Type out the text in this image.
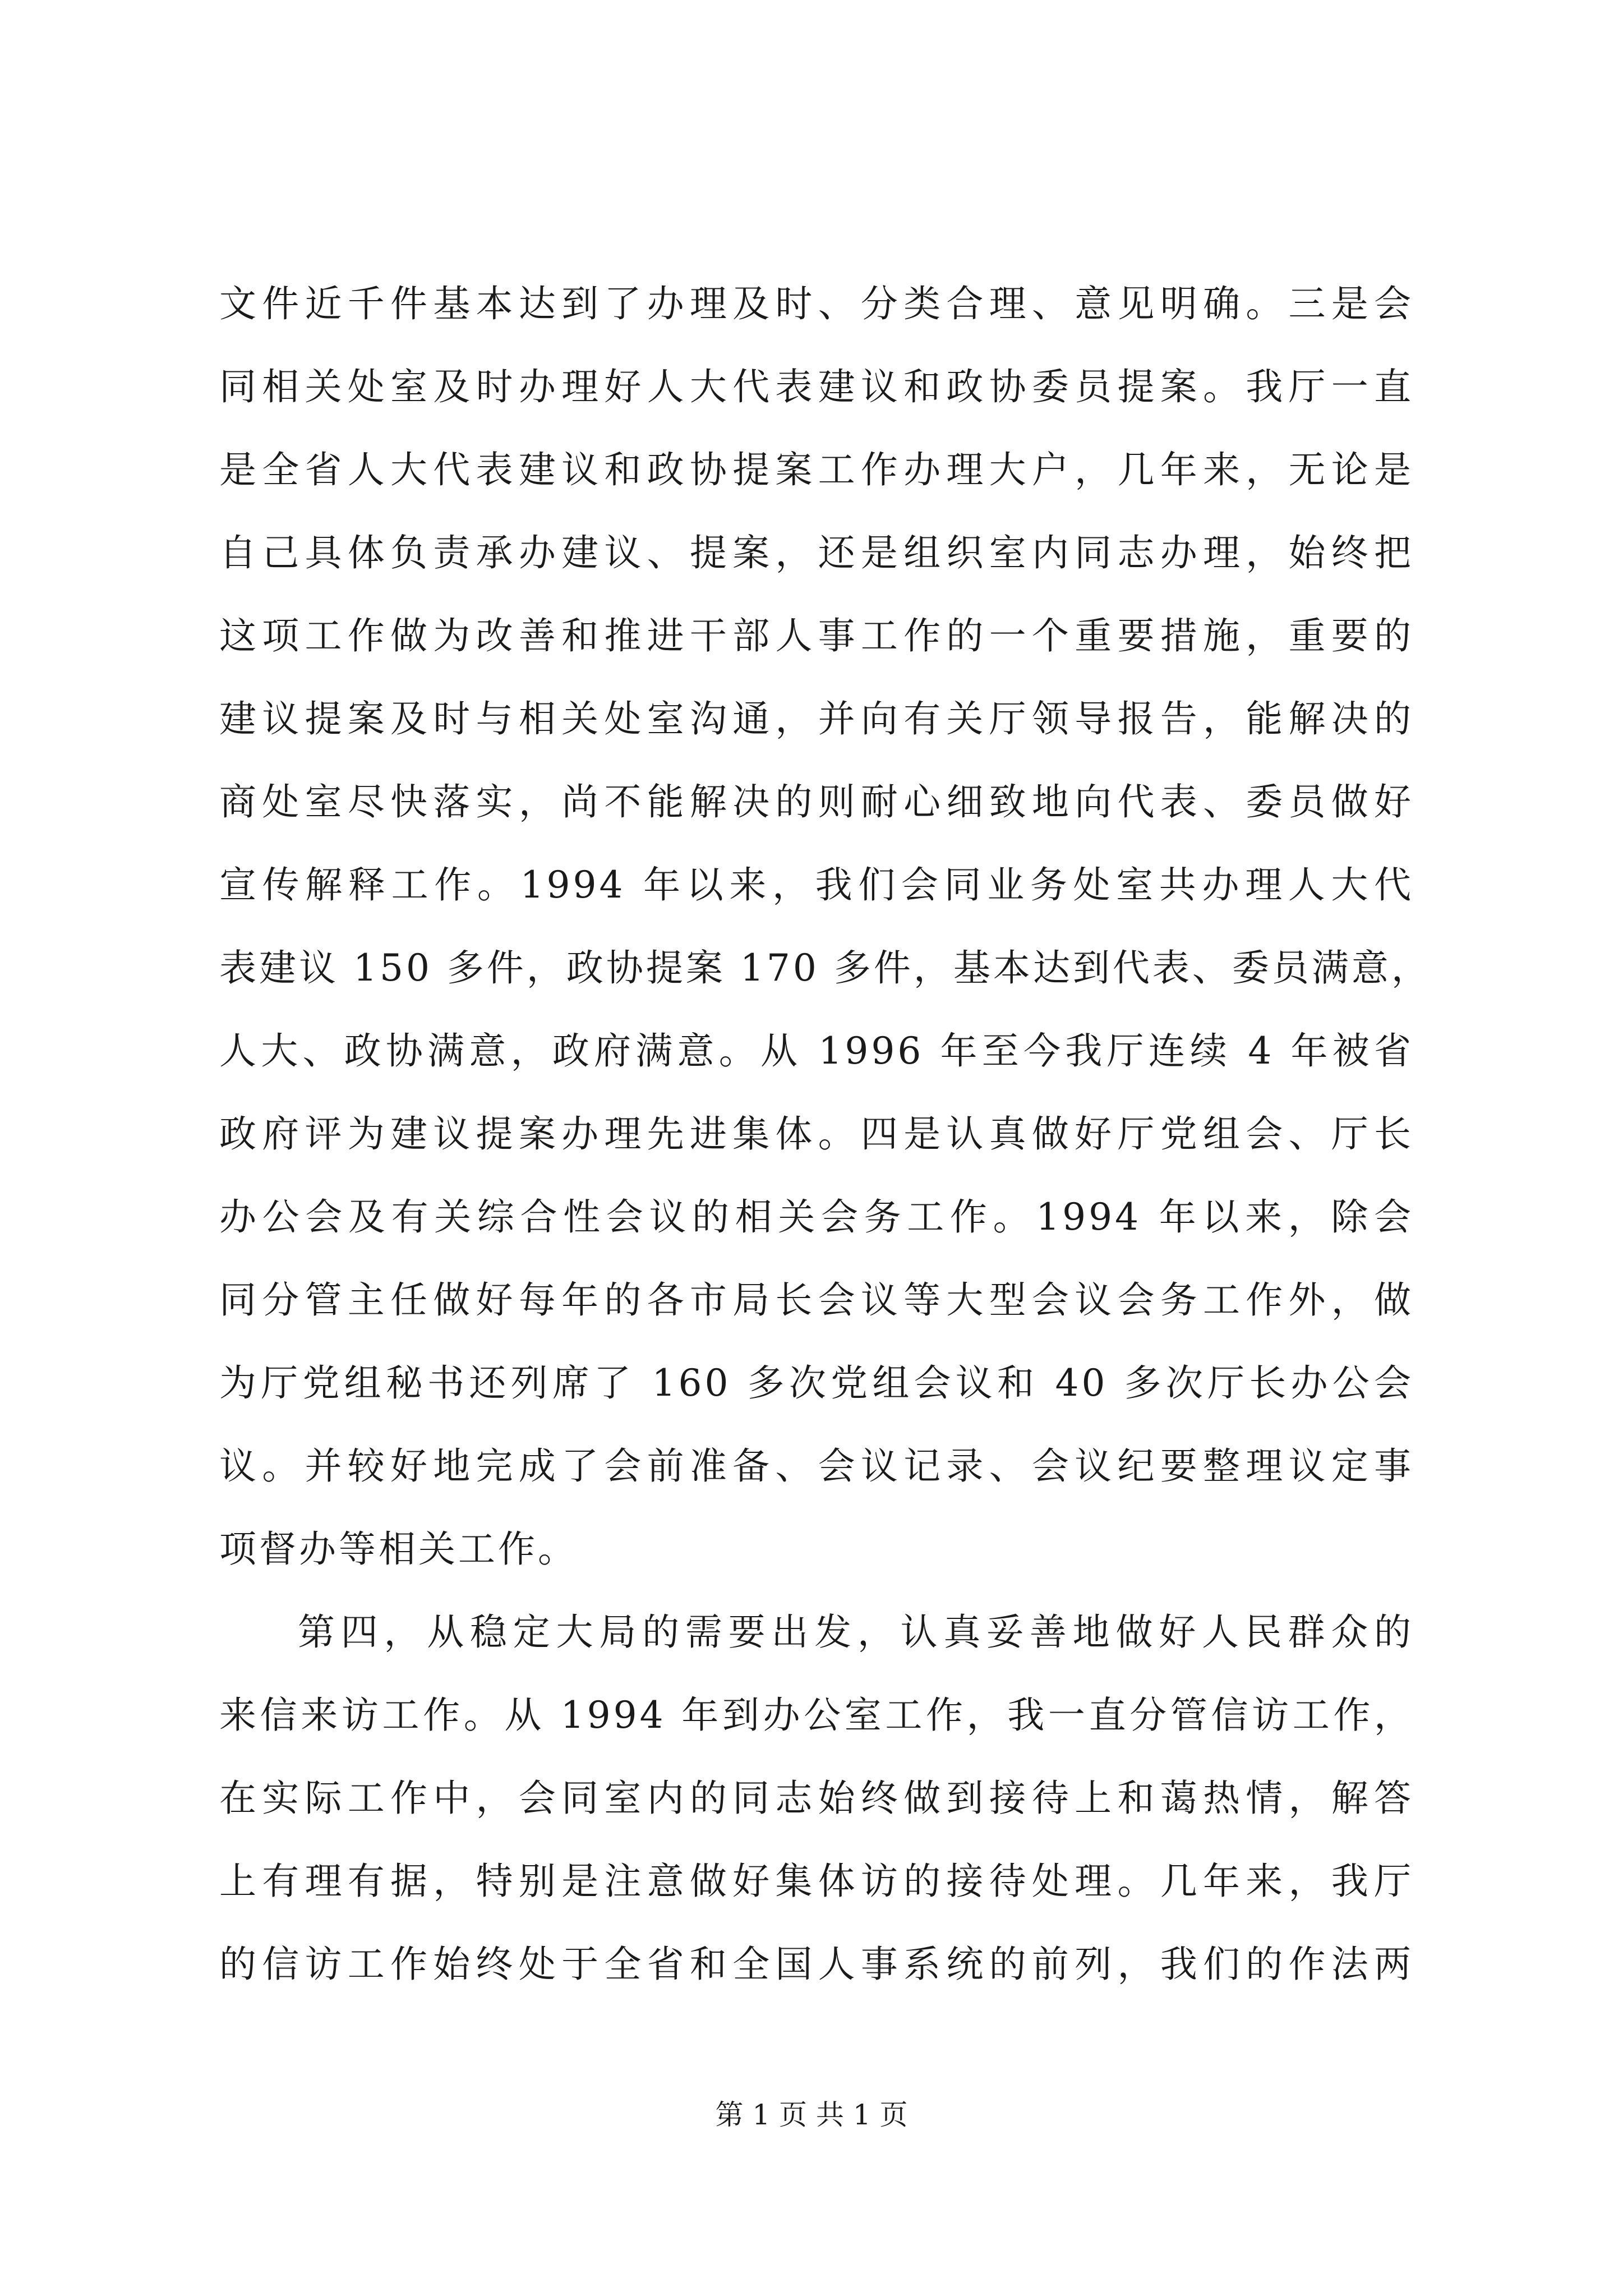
文件近千件基本达到了办理及时、分类合理、意见明确。三是会
同相关处室及时办理好人大代表建议和政协委员提案。我厅一直
是全省人大代表建议和政协提案工作办理大户，几年来，无论是
自己具体负责承办建议、提案，还是组织室内同志办理，始终把
这项工作做为改善和推进干部人事工作的一个重要措施，重要的
建议提案及时与相关处室沟通，并向有关厅领导报告，能解决的
商处室尽快落实，尚不能解决的则耐心细致地向代表、委员做好
宣传解释工作。1994 年以来，我们会同业务处室共办理人大代
表建议 150 多件，政协提案 170 多件，基本达到代表、委员满意，
人大、政协满意，政府满意。从 1996 年至今我厅连续 4 年被省
政府评为建议提案办理先进集体。四是认真做好厅党组会、厅长
办公会及有关综合性会议的相关会务工作。1994 年以来，除会
同分管主任做好每年的各市局长会议等大型会议会务工作外，做
为厅党组秘书还列席了 160 多次党组会议和 40 多次厅长办公会
议。并较好地完成了会前准备、会议记录、会议纪要整理议定事
项督办等相关工作。
第四，从稳定大局的需要出发，认真妥善地做好人民群众的
来信来访工作。从 1994 年到办公室工作，我一直分管信访工作，
在实际工作中，会同室内的同志始终做到接待上和蔼热情，解答
上有理有据，特别是注意做好集体访的接待处理。几年来，我厅
的信访工作始终处于全省和全国人事系统的前列，我们的作法两
第 1 页 共 1 页
